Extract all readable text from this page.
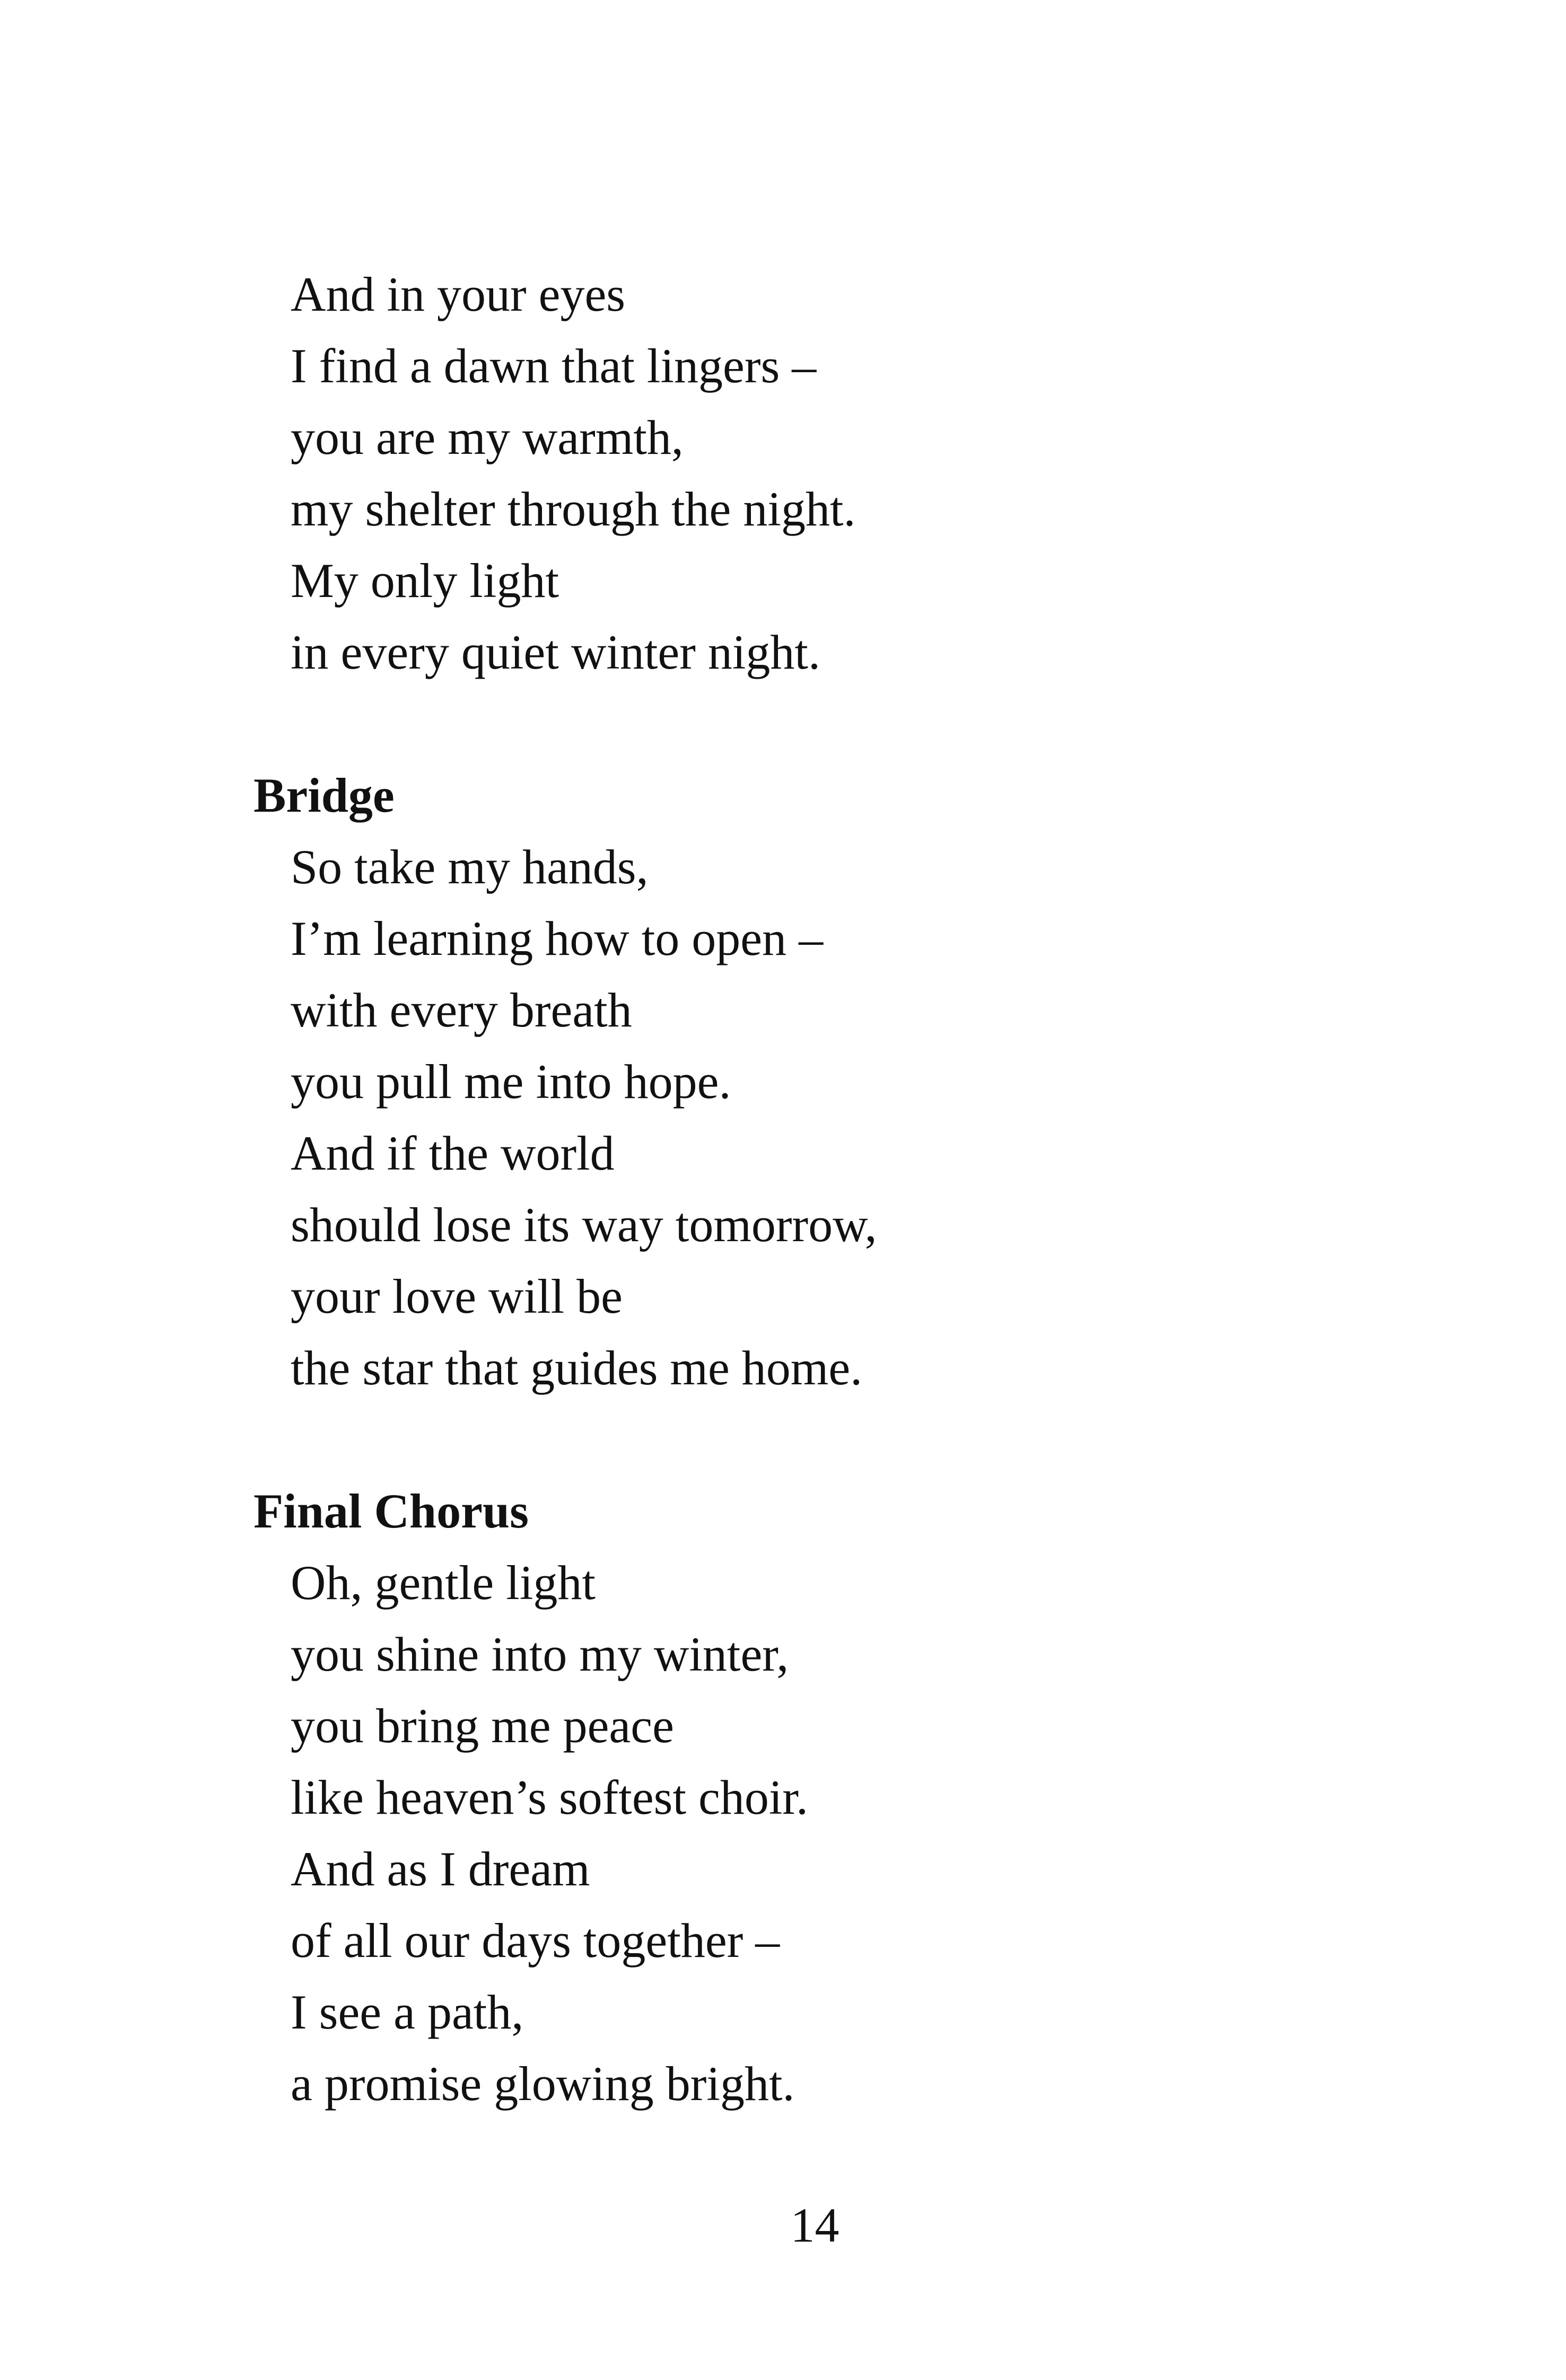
And in your eyes

I find a dawn that lingers –

you are my warmth,

my shelter through the night.

My only light

in every quiet winter night.

Bridge

So take my hands,

I’m learning how to open –

with every breath

you pull me into hope.

And if the world

should lose its way tomorrow,

your love will be

the star that guides me home.

Final Chorus

Oh, gentle light

you shine into my winter,

you bring me peace

like heaven’s softest choir.

And as I dream

of all our days together –

I see a path,

a promise glowing bright.

14
